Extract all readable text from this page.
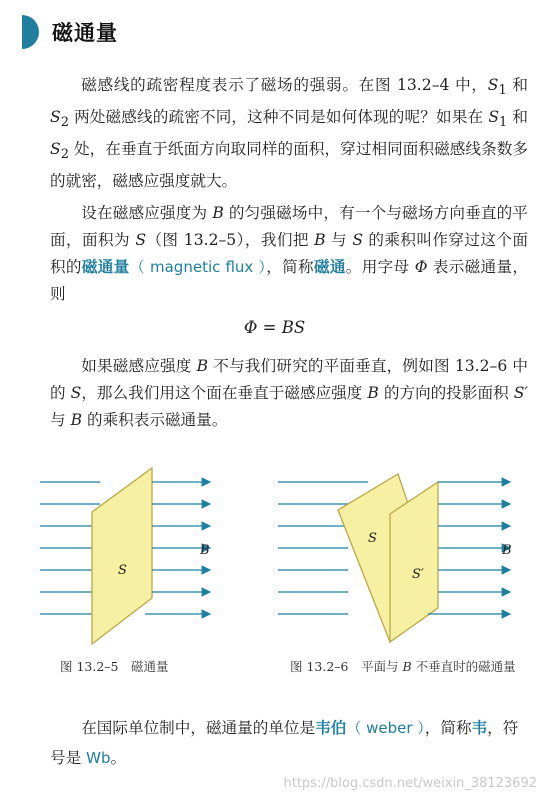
磁通量
磁感线的疏密程度表示了磁场的强弱。在图 13.2–4 中，$S_1$ 和 $S_2$ 两处磁感线的疏密不同，这种不同是如何体现的呢？如果在 $S_1$ 和 $S_2$ 处，在垂直于纸面方向取同样的面积，穿过相同面积磁感线条数多的就密，磁感应强度就大。
设在磁感应强度为 B 的匀强磁场中，有一个与磁场方向垂直的平面，面积为 S（图 13.2–5），我们把 B 与 S 的乘积叫作穿过这个面积的磁通量（ magnetic flux ），简称磁通。用字母 Φ 表示磁通量，则
Φ = BS
如果磁感应强度 B 不与我们研究的平面垂直，例如图 13.2–6 中的 S，那么我们用这个面在垂直于磁感应强度 B 的方向的投影面积 S′ 与 B 的乘积表示磁通量。
S
B
S
S′
B
图 13.2–5　磁通量	图 13.2–6　平面与 B 不垂直时的磁通量
在国际单位制中，磁通量的单位是韦伯（ weber ），简称韦，符号是 Wb。
https://blog.csdn.net/weixin_38123692
